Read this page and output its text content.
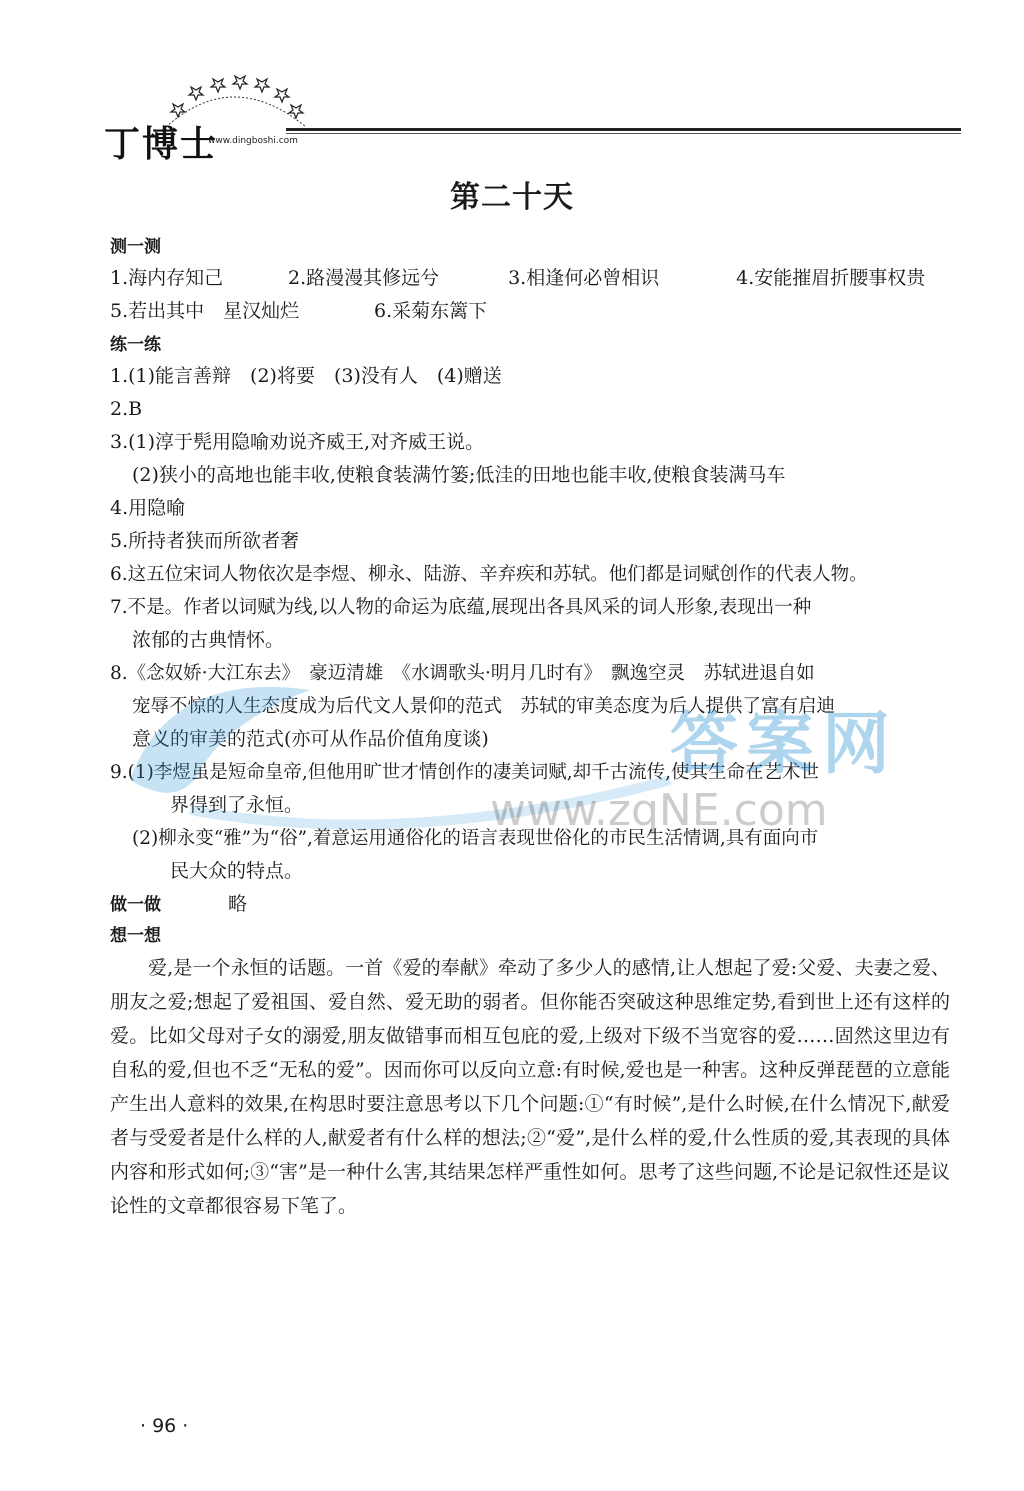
丁博士
www.dingboshi.com
第二十天
测一测
1.海内存知己	2.路漫漫其修远兮	3.相逢何必曾相识	4.安能摧眉折腰事权贵
5.若出其中　星汉灿烂	6.采菊东篱下
练一练
1.(1)能言善辩　(2)将要　(3)没有人　(4)赠送
2.B
3.(1)淳于髡用隐喻劝说齐威王,对齐威王说。
(2)狭小的高地也能丰收,使粮食装满竹篓;低洼的田地也能丰收,使粮食装满马车
4.用隐喻
5.所持者狭而所欲者奢
6.这五位宋词人物依次是李煜、柳永、陆游、辛弃疾和苏轼。他们都是词赋创作的代表人物。
7.不是。作者以词赋为线,以人物的命运为底蕴,展现出各具风采的词人形象,表现出一种
浓郁的古典情怀。
8.《念奴娇·大江东去》　豪迈清雄　《水调歌头·明月几时有》　飘逸空灵　苏轼进退自如
宠辱不惊的人生态度成为后代文人景仰的范式　苏轼的审美态度为后人提供了富有启迪
意义的审美的范式(亦可从作品价值角度谈)
9.(1)李煜虽是短命皇帝,但他用旷世才情创作的凄美词赋,却千古流传,使其生命在艺术世
界得到了永恒。
(2)柳永变“雅”为“俗”,着意运用通俗化的语言表现世俗化的市民生活情调,具有面向市
民大众的特点。
做一做	略
想一想
爱,是一个永恒的话题。一首《爱的奉献》牵动了多少人的感情,让人想起了爱:父爱、夫妻之爱、朋友之爱;想起了爱祖国、爱自然、爱无助的弱者。但你能否突破这种思维定势,看到世上还有这样的爱。比如父母对子女的溺爱,朋友做错事而相互包庇的爱,上级对下级不当宽容的爱……固然这里边有自私的爱,但也不乏“无私的爱”。因而你可以反向立意:有时候,爱也是一种害。这种反弹琵琶的立意能产生出人意料的效果,在构思时要注意思考以下几个问题:①“有时候”,是什么时候,在什么情况下,献爱者与受爱者是什么样的人,献爱者有什么样的想法;②“爱”,是什么样的爱,什么性质的爱,其表现的具体内容和形式如何;③“害”是一种什么害,其结果怎样严重性如何。思考了这些问题,不论是记叙性还是议论性的文章都很容易下笔了。
答案网
www.zqNE.com
· 96 ·
